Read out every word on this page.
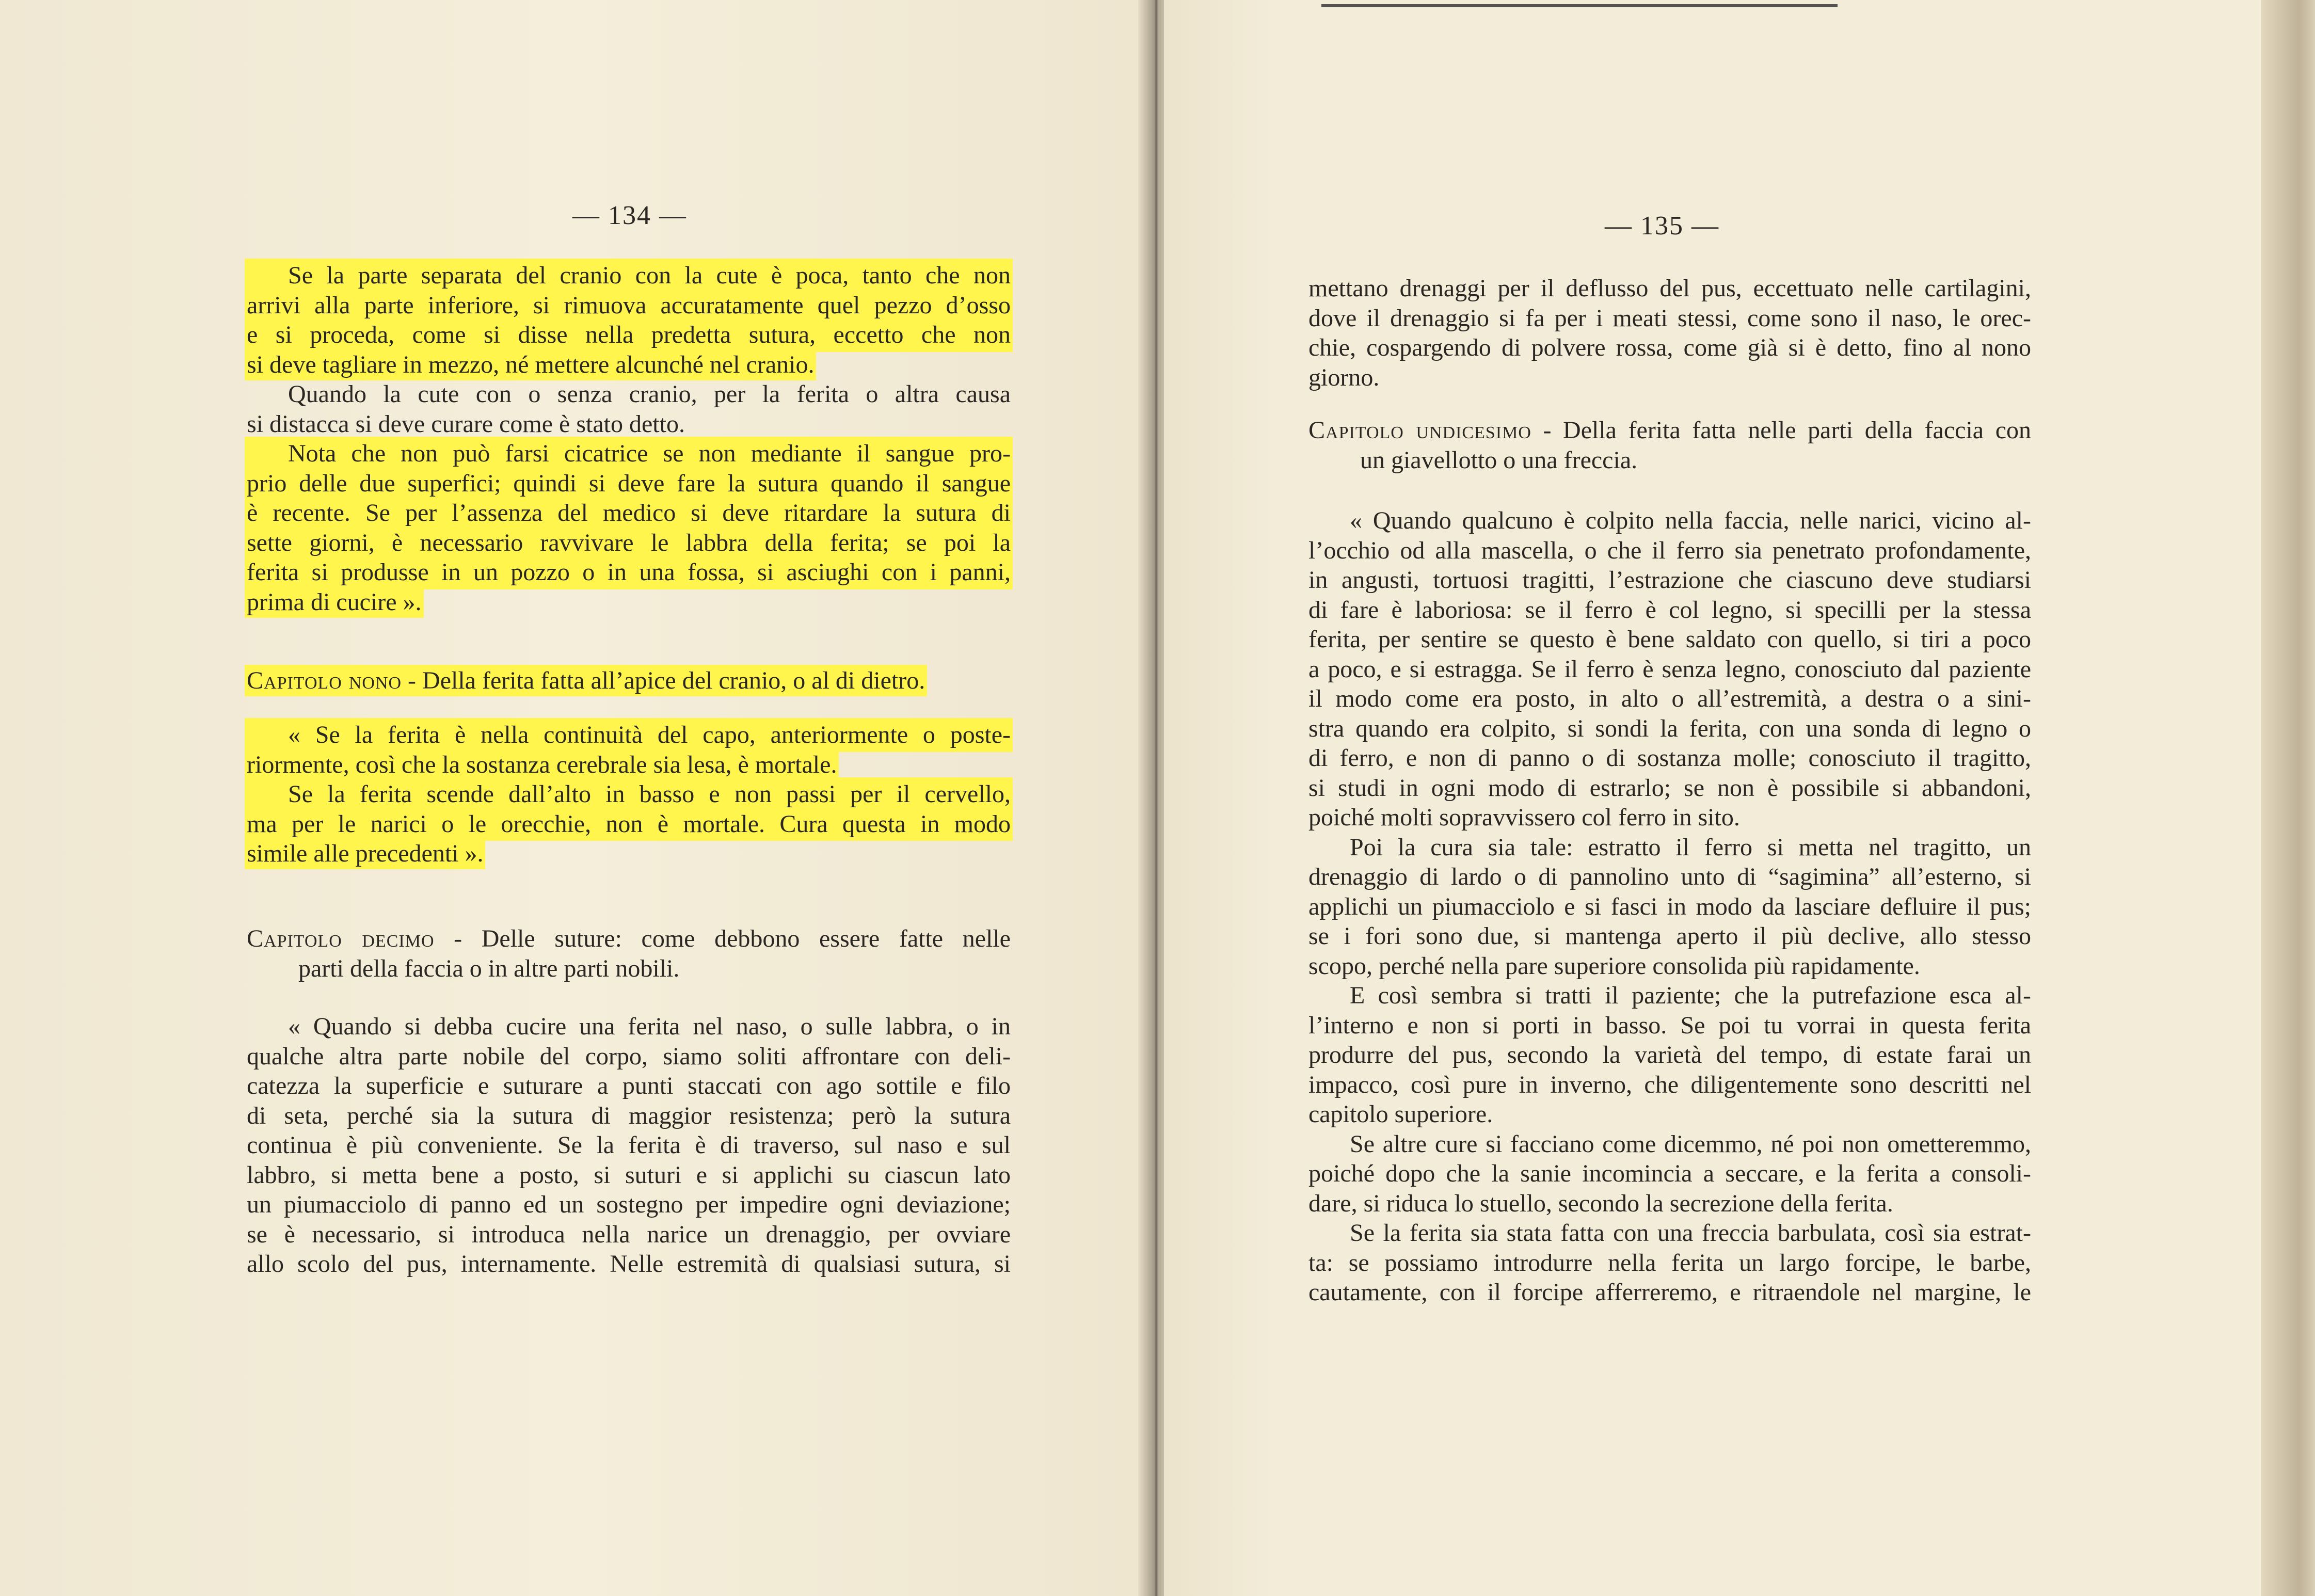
— 134 —
Se la parte separata del cranio con la cute è poca, tanto che non
arrivi alla parte inferiore, si rimuova accuratamente quel pezzo d’osso
e si proceda, come si disse nella predetta sutura, eccetto che non
si deve tagliare in mezzo, né mettere alcunché nel cranio.
Quando la cute con o senza cranio, per la ferita o altra causa
si distacca si deve curare come è stato detto.
Nota che non può farsi cicatrice se non mediante il sangue pro-
prio delle due superfici; quindi si deve fare la sutura quando il sangue
è recente. Se per l’assenza del medico si deve ritardare la sutura di
sette giorni, è necessario ravvivare le labbra della ferita; se poi la
ferita si produsse in un pozzo o in una fossa, si asciughi con i panni,
prima di cucire ».
Capitolo nono - Della ferita fatta all’apice del cranio, o al di dietro.
« Se la ferita è nella continuità del capo, anteriormente o poste-
riormente, così che la sostanza cerebrale sia lesa, è mortale.
Se la ferita scende dall’alto in basso e non passi per il cervello,
ma per le narici o le orecchie, non è mortale. Cura questa in modo
simile alle precedenti ».
Capitolo decimo - Delle suture: come debbono essere fatte nelle
parti della faccia o in altre parti nobili.
« Quando si debba cucire una ferita nel naso, o sulle labbra, o in
qualche altra parte nobile del corpo, siamo soliti affrontare con deli-
catezza la superficie e suturare a punti staccati con ago sottile e filo
di seta, perché sia la sutura di maggior resistenza; però la sutura
continua è più conveniente. Se la ferita è di traverso, sul naso e sul
labbro, si metta bene a posto, si suturi e si applichi su ciascun lato
un piumacciolo di panno ed un sostegno per impedire ogni deviazione;
se è necessario, si introduca nella narice un drenaggio, per ovviare
allo scolo del pus, internamente. Nelle estremità di qualsiasi sutura, si
— 135 —
mettano drenaggi per il deflusso del pus, eccettuato nelle cartilagini,
dove il drenaggio si fa per i meati stessi, come sono il naso, le orec-
chie, cospargendo di polvere rossa, come già si è detto, fino al nono
giorno.
Capitolo undicesimo - Della ferita fatta nelle parti della faccia con
un giavellotto o una freccia.
« Quando qualcuno è colpito nella faccia, nelle narici, vicino al-
l’occhio od alla mascella, o che il ferro sia penetrato profondamente,
in angusti, tortuosi tragitti, l’estrazione che ciascuno deve studiarsi
di fare è laboriosa: se il ferro è col legno, si specilli per la stessa
ferita, per sentire se questo è bene saldato con quello, si tiri a poco
a poco, e si estragga. Se il ferro è senza legno, conosciuto dal paziente
il modo come era posto, in alto o all’estremità, a destra o a sini-
stra quando era colpito, si sondi la ferita, con una sonda di legno o
di ferro, e non di panno o di sostanza molle; conosciuto il tragitto,
si studi in ogni modo di estrarlo; se non è possibile si abbandoni,
poiché molti sopravvissero col ferro in sito.
Poi la cura sia tale: estratto il ferro si metta nel tragitto, un
drenaggio di lardo o di pannolino unto di “sagimina” all’esterno, si
applichi un piumacciolo e si fasci in modo da lasciare defluire il pus;
se i fori sono due, si mantenga aperto il più declive, allo stesso
scopo, perché nella pare superiore consolida più rapidamente.
E così sembra si tratti il paziente; che la putrefazione esca al-
l’interno e non si porti in basso. Se poi tu vorrai in questa ferita
produrre del pus, secondo la varietà del tempo, di estate farai un
impacco, così pure in inverno, che diligentemente sono descritti nel
capitolo superiore.
Se altre cure si facciano come dicemmo, né poi non ometteremmo,
poiché dopo che la sanie incomincia a seccare, e la ferita a consoli-
dare, si riduca lo stuello, secondo la secrezione della ferita.
Se la ferita sia stata fatta con una freccia barbulata, così sia estrat-
ta: se possiamo introdurre nella ferita un largo forcipe, le barbe,
cautamente, con il forcipe afferreremo, e ritraendole nel margine, le
